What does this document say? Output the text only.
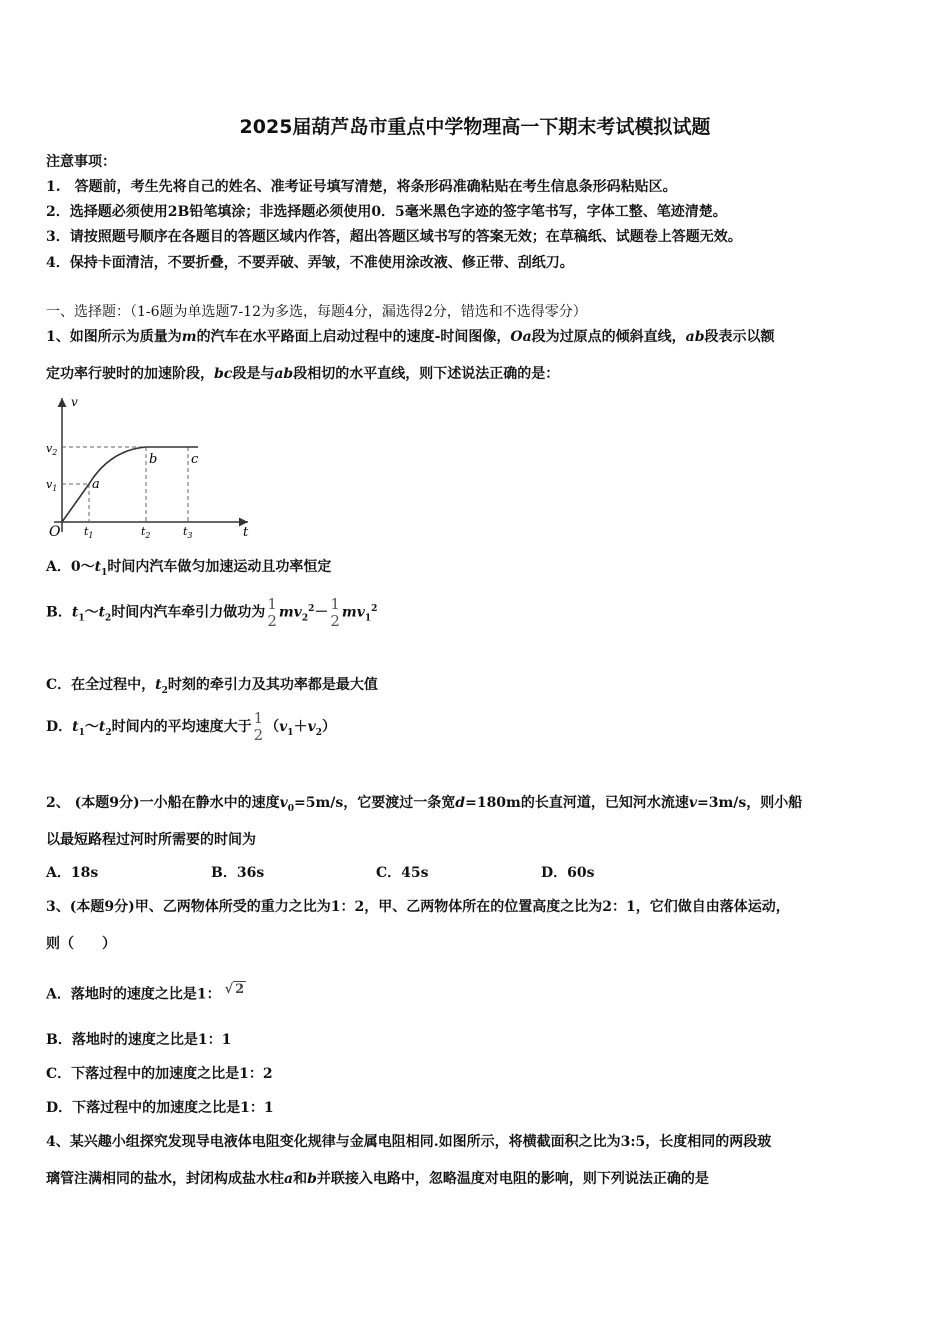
2025届葫芦岛市重点中学物理高一下期末考试模拟试题
注意事项：
1.　答题前，考生先将自己的姓名、准考证号填写清楚，将条形码准确粘贴在考生信息条形码粘贴区。
2．选择题必须使用2B铅笔填涂；非选择题必须使用0．5毫米黑色字迹的签字笔书写，字体工整、笔迹清楚。
3．请按照题号顺序在各题目的答题区域内作答，超出答题区域书写的答案无效；在草稿纸、试题卷上答题无效。
4．保持卡面清洁，不要折叠，不要弄破、弄皱，不准使用涂改液、修正带、刮纸刀。
一、选择题：（1-6题为单选题7-12为多选，每题4分，漏选得2分，错选和不选得零分）
1、如图所示为质量为m的汽车在水平路面上启动过程中的速度-时间图像，Oa段为过原点的倾斜直线，ab段表示以额
定功率行驶时的加速阶段，bc段是与ab段相切的水平直线，则下述说法正确的是：
v
t
O
$v_2$
$v_1$
$t_1$	$t_2$	$t_3$
a
b	c
A．$0\sim t_1$时间内汽车做匀加速运动且功率恒定
B．$t_1\sim t_2$时间内汽车牵引力做功为 1
2 $mv_2^2- 1$
2 $mv_1^2$
C．在全过程中，$t_2$时刻的牵引力及其功率都是最大值
D．$t_1\sim t_2$时间内的平均速度大于 1
2 $(v_1+v_2)$
2、 (本题9分)一小船在静水中的速度$v_0=5m/s$，它要渡过一条宽d=180m的长直河道，已知河水流速v=3m/s，则小船
以最短路程过河时所需要的时间为
A．18s	B．36s	C．45s	D．60s
3、(本题9分)甲、乙两物体所受的重力之比为1：2，甲、乙两物体所在的位置高度之比为2：1，它们做自由落体运动，
则（　　）
A．落地时的速度之比是1： √ 2
B．落地时的速度之比是1：1
C．下落过程中的加速度之比是1：2
D．下落过程中的加速度之比是1：1
4、某兴趣小组探究发现导电液体电阻变化规律与金属电阻相同.如图所示，将横截面积之比为3:5，长度相同的两段玻
璃管注满相同的盐水，封闭构成盐水柱a和b并联接入电路中，忽略温度对电阻的影响，则下列说法正确的是
